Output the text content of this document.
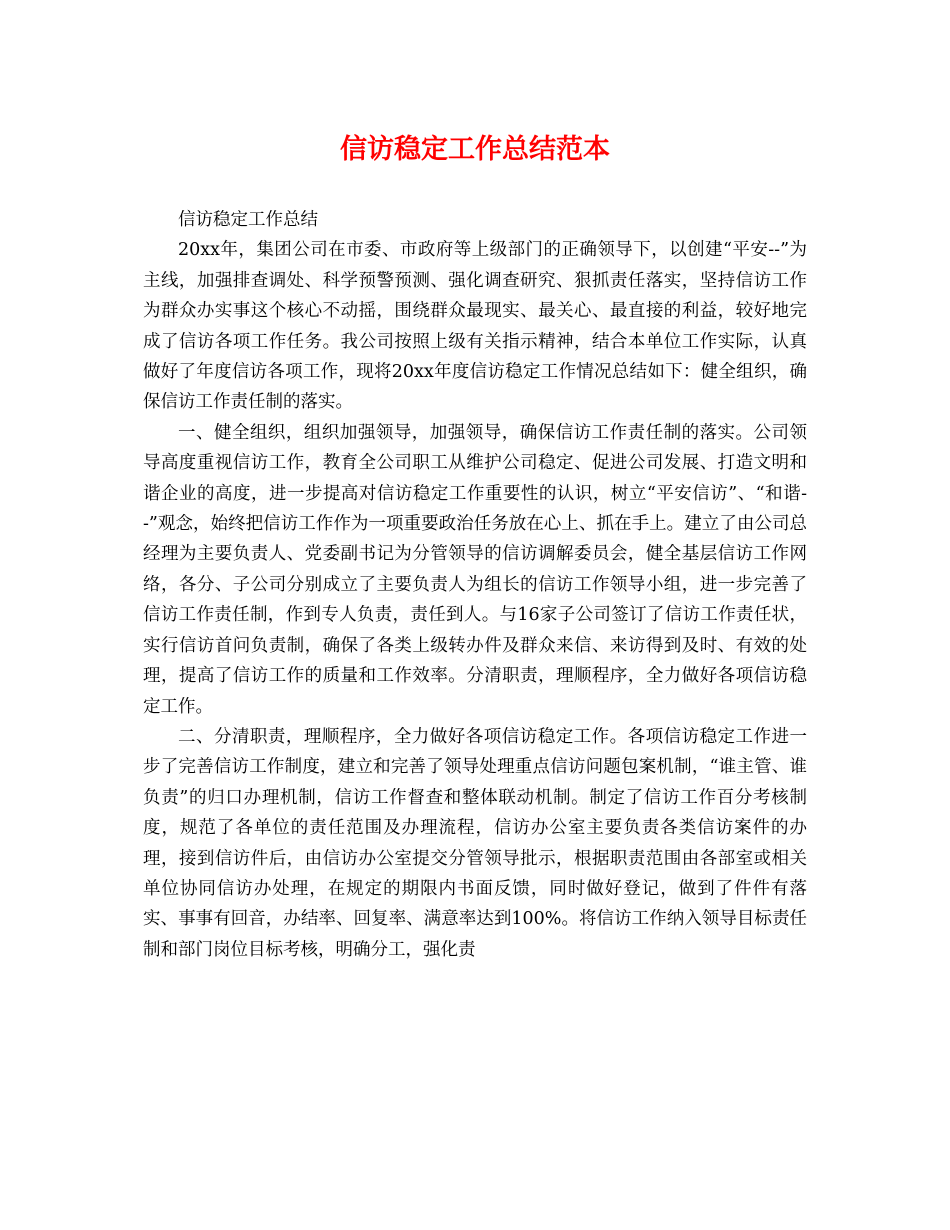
信访稳定工作总结范本

信访稳定工作总结

20xx年，集团公司在市委、市政府等上级部门的正确领导下，以创建“平安--”为主线，加强排查调处、科学预警预测、强化调查研究、狠抓责任落实，坚持信访工作为群众办实事这个核心不动摇，围绕群众最现实、最关心、最直接的利益，较好地完成了信访各项工作任务。我公司按照上级有关指示精神，结合本单位工作实际，认真做好了年度信访各项工作，现将20xx年度信访稳定工作情况总结如下：健全组织，确保信访工作责任制的落实。

一、健全组织，组织加强领导，加强领导，确保信访工作责任制的落实。公司领导高度重视信访工作，教育全公司职工从维护公司稳定、促进公司发展、打造文明和谐企业的高度，进一步提高对信访稳定工作重要性的认识，树立“平安信访”、“和谐--”观念，始终把信访工作作为一项重要政治任务放在心上、抓在手上。建立了由公司总经理为主要负责人、党委副书记为分管领导的信访调解委员会，健全基层信访工作网络，各分、子公司分别成立了主要负责人为组长的信访工作领导小组，进一步完善了信访工作责任制，作到专人负责，责任到人。与16家子公司签订了信访工作责任状，实行信访首问负责制，确保了各类上级转办件及群众来信、来访得到及时、有效的处理，提高了信访工作的质量和工作效率。分清职责，理顺程序，全力做好各项信访稳定工作。

二、分清职责，理顺程序，全力做好各项信访稳定工作。各项信访稳定工作进一步了完善信访工作制度，建立和完善了领导处理重点信访问题包案机制，“谁主管、谁负责”的归口办理机制，信访工作督查和整体联动机制。制定了信访工作百分考核制度，规范了各单位的责任范围及办理流程，信访办公室主要负责各类信访案件的办理，接到信访件后，由信访办公室提交分管领导批示，根据职责范围由各部室或相关单位协同信访办处理，在规定的期限内书面反馈，同时做好登记，做到了件件有落实、事事有回音，办结率、回复率、满意率达到100%。将信访工作纳入领导目标责任制和部门岗位目标考核，明确分工，强化责
